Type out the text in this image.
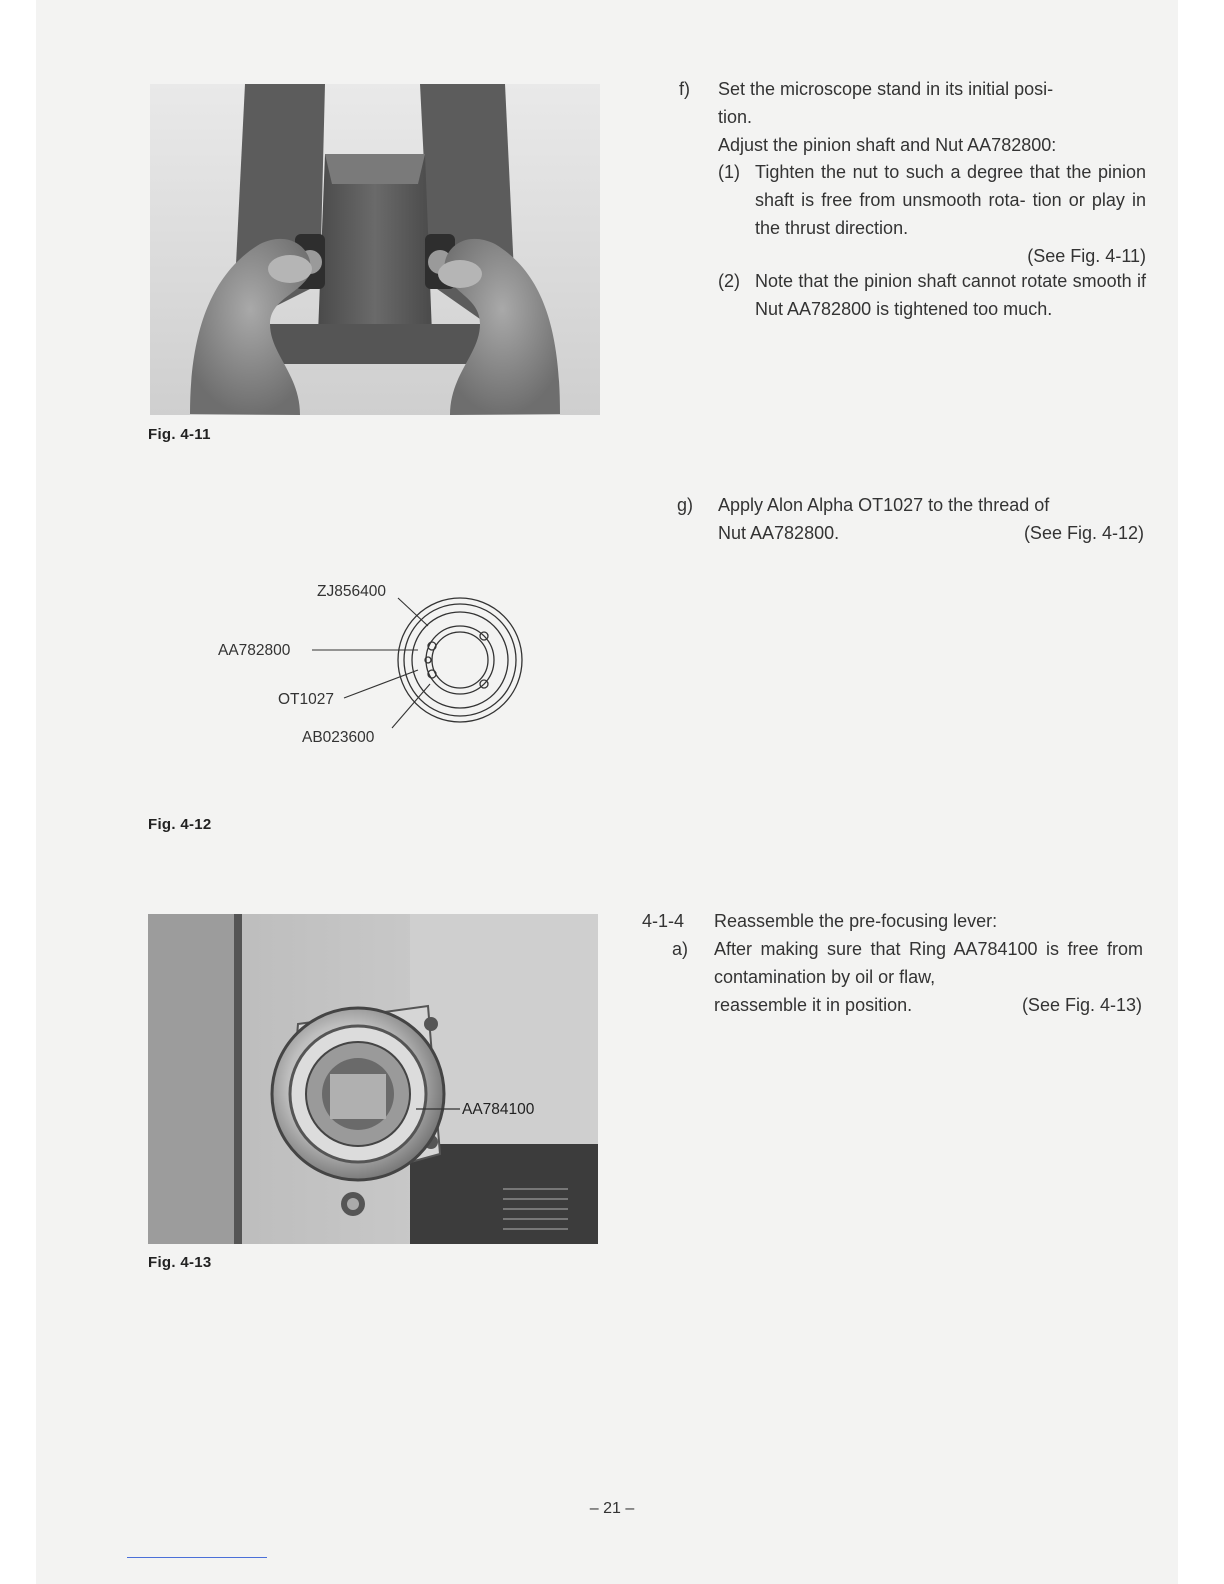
Fig. 4-11
f) Set the microscope stand in its initial posi-
tion.
Adjust the pinion shaft and Nut AA782800:
(1) Tighten the nut to such a degree that the pinion shaft is free from unsmooth rota- tion or play in the thrust direction.
(See Fig. 4-11)
(2) Note that the pinion shaft cannot rotate smooth if Nut AA782800 is tightened too much.
ZJ856400
AA782800
OT1027
AB023600
Fig. 4-12
g) Apply Alon Alpha OT1027 to the thread of
Nut AA782800.	(See Fig. 4-12)
AA784100
Fig. 4-13
4-1-4 Reassemble the pre-focusing lever:
a) After making sure that Ring AA784100 is free from contamination by oil or flaw,
reassemble it in position.	(See Fig. 4-13)
– 21 –
